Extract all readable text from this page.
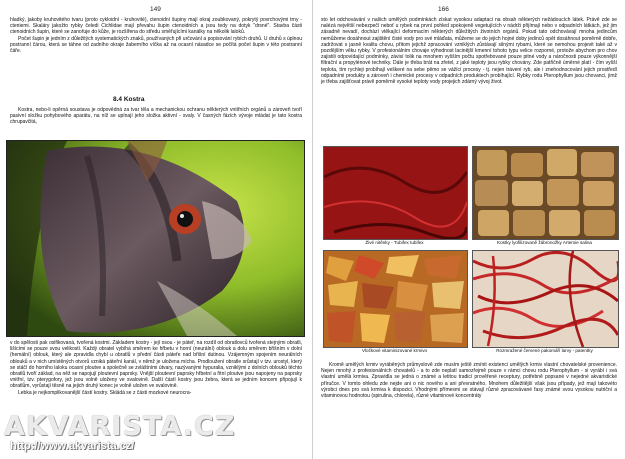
149

hladký, jakoby kruhovitého tvaru (proto cykloidní - kruhovité), ctenoidní šupiny mají okraj zoubkovaný, pokrytý povrchovými trny - cteniemi. Skaláry jakožto rybky čeledi Cichlidae mají převahu šupin ctenoidních a jsou tedy na dotyk "drsné". Stavba části ctenoidních šupin, které se zanořuje do kůže, je rozšířena do středu směřujícími kanálky na několik laloků.

Počet šupin je jedním z důležitých systematických znaků, používaných při určování a popisování rybích druhů. U druhů s úplnou postranní čárou, která se táhne od zadního okraje žaberního víčka až na ocasní násadce se počítá počet šupin v této postranní čáře.

8.4 Kostra

Kostra, nebo-li opěrná soustava je odpovědná za tvar těla a mechanickou ochranu některých vnitřních orgánů a zároveň tvoří pasivní složku pohybového aparátu, na níž se upínají jeho složka aktivní - svaly. V časných fázích vývoje mládat je tato kostra chrupavčitá,

v do spělosti pak osifikovaná, tvořená kostmi. Základem kostry - její osou - je páteř, na rozdíl od obratlovců tvořená stejnými obratli, lišícími se pouze svou velikostí. Každý obratel vybíhá směrem ke hřbetu v horní (neurální) oblouk a dolu směrem břišním v dolní (hemální) oblouk, který ale zpravidla chybí u obratlů v přední části páteře nad břišní dutinou. Vzájemným spojením neurálních oblouků a v nich umístěných otvorů vzniká páteřní kanál, v němž je uložena mícha. Prodloužení obratle srůstají v tzv. urostyl, který se stáčí do horního laloku ocasní ploutve a společně se zvláštními útvary, nazývanými hypuralia, vzniklými z dolních oblouků těchto obratlů tvoří základ, na něž se napojují ploutevní paprsky. Vnější ploutevní paprsky hřbetní a řitní ploutve jsou napojeny na paprsky vnitřní, tzv. pterygofory, jež jsou volně uloženy ve svalovině. Další částí kostry jsou žebra, která se jedním koncem připojují k obratlům, vyrůstají těsně na jejich druhý konec je volně uložen ve svalovině.

Lebka je nejkomplikovanější částí kostry. Skládá se z části mozkové neurocra-

AKVARISTA.CZ
http://www.akvarista.cz/
166

sto let odchovávání v našich umělých podmínkách získat vysokou adaptaci na obsah některých nežádoucích látek. Právě zde se nalézá největší nebezpečí neboť u rybek na první pohled spokojeně vegetujících v nádrži přijímají nebo v odpadních látkách, jež jim zásadně nevadí, dochází vtěkající deformacím některých důležitých životních orgánů. Pokud tato odchovávají mnoha jedincům nemůžeme dosáhnout zajištění čisté vody pro své mláďata, můžeme se do jejich hojné doby jedinců opět dosáhnout poměrně dobře, zadržovat s jasně kvalitu chovu, přitom jejichž zpracování vzniklých zůstávají silnými rybami, které se nemohou projevit také až v pozdějším věku rybky. V profesionálním chovaje výhodnost lacinější kmenní tohoto typu velice rozporné, protože abychom pro chov zajistili odpovídající podmínky, závisí tolik na mnohem vyšším počtu spotřebované pouze pitné vody a náročnosti pouze výkonnější filtrační a propylénové techniky. Dále je třeba brát na zřetel, z jaké teploty jsou rybky chovány. Zde patřičně úměrné platí - čím vyšší teplota, tím rychleji probíhají veškeré na sebe pěmo se vážící procesy - tj. nejen trávení ryb, ale i znehodnocování jejich prostředí odpadními produkty a zároveň i chemické procesy v odpadních produktech probíhající. Rybky rodu Pterophyllum jsou chovanci, jimž je třeba zajišťovat právě poměrně vysoké teploty vody projejich zdárný vývoj život.

Živé nitěnky - Tubifex tubifex	Kostky lyofilizovaně žábronožky Artemie salina
Vločkové vitaminizované krmivo	Rozmražené červené pakomáří larvy - patentky

Kromě umělých krmiv vyráběných průmyslově zde musím ještě zmínit existenci umělých krmiv vlastní chovatelské provenience. Nejen mnohý z profesionálních chovatelů - a to zde neplatí samozřejmě pouze v rámci chovu rodu Pterophyllum - si vyrábí i svá vlastní umělá krmiva. Zpravidla se jedná o známé a letitou tradicí prověřené receptury, potřebně popsané v nejedné akvaristické příručce. V tomto ohledu zde nejde ani o nic nového a ani převratného. Mnohem důležitější však jsou případy, jež mají takovéto výrobci dnes pro svá krmiva k dispozici. Vhodnými přímesmi se stávají různé zpracovávané fasy známé svou vysokou nutriční a vitaminovou hodnotou (spirulina, chlorela), různé vitaminové koncentráty
